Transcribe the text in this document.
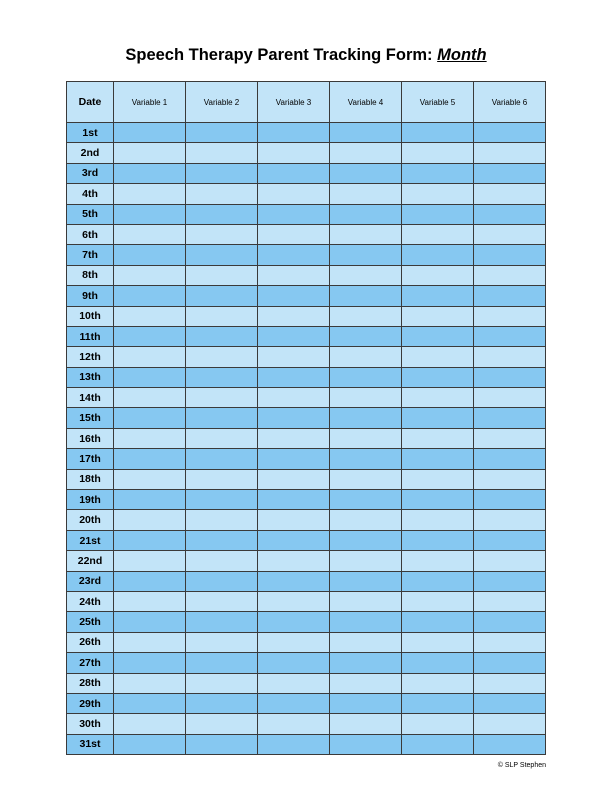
Speech Therapy Parent Tracking Form: Month
Date	Variable 1	Variable 2	Variable 3	Variable 4	Variable 5	Variable 6
1st						
2nd						
3rd						
4th						
5th						
6th						
7th						
8th						
9th						
10th						
11th						
12th						
13th						
14th						
15th						
16th						
17th						
18th						
19th						
20th						
21st						
22nd						
23rd						
24th						
25th						
26th						
27th						
28th						
29th						
30th						
31st						
© SLP Stephen
